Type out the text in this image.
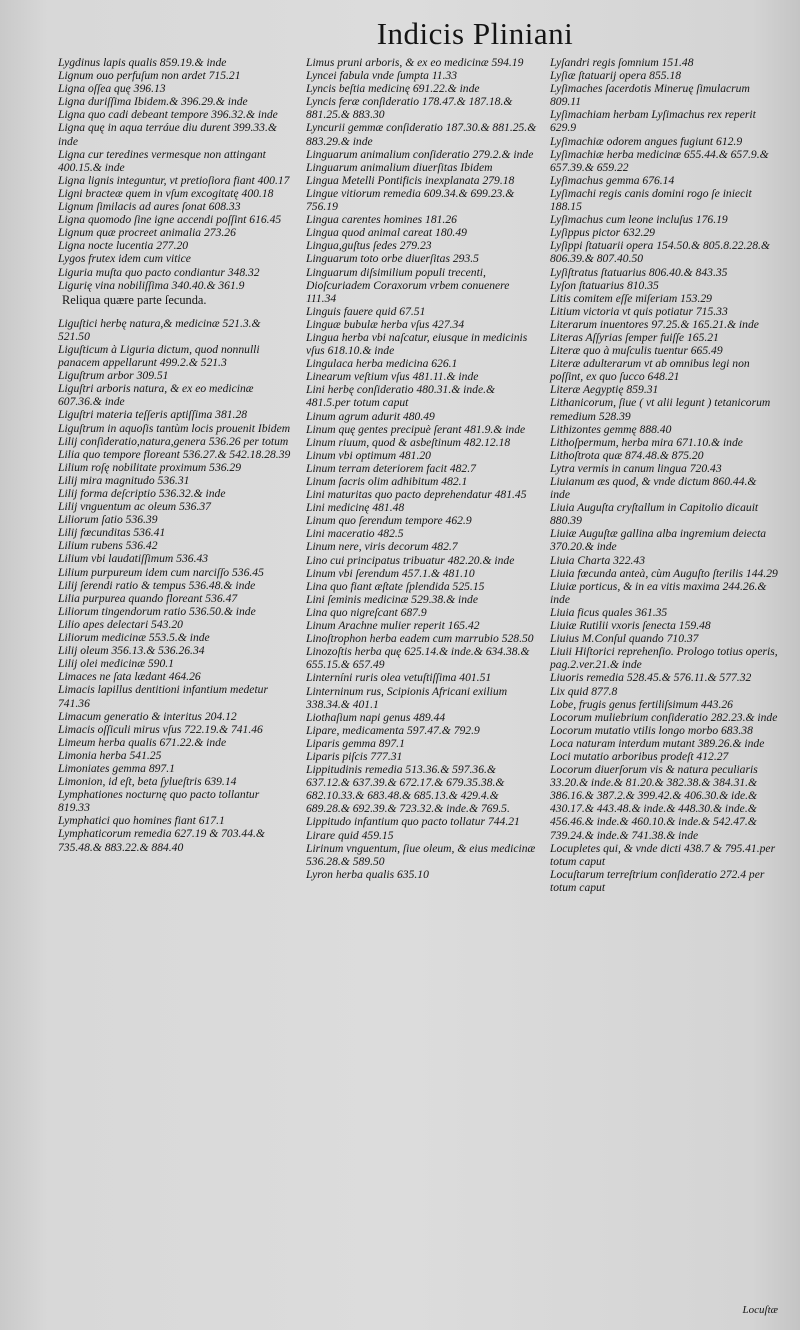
Indicis Pliniani
Lygdinus lapis qualis 859.19.& inde
Lignum ouo perfuſum non ardet 715.21
Ligna oſſea quę 396.13
Ligna duriſſima Ibidem.& 396.29.& inde
Ligna quo cadi debeant tempore 396.32.& inde
Ligna quę in aqua terráue diu durent 399.33.& inde
Ligna cur teredines vermesque non attingant 400.15.& inde
Ligna lignis integuntur, vt pretioſiora fiant 400.17
Ligni bracteæ quem in vſum excogitatę 400.18
Lignum ſimilacis ad aures ſonat 608.33
Ligna quomodo ſine igne accendi poſſint 616.45
Lignum quæ procreet animalia 273.26
Ligna nocte lucentia 277.20
Lygos frutex idem cum vitice
Liguria muſta quo pacto condiantur 348.32
Ligurię vina nobiliſſima 340.40.& 361.9
Reliqua quære parte ſecunda.
Liguſtici herbę natura,& medicinæ 521.3.& 521.50
Liguſticum à Liguria dictum, quod nonnulli panacem appellarunt 499.2.& 521.3
Liguſtrum arbor 309.51
Liguſtri arboris natura, & ex eo medicinæ 607.36.& inde
Liguſtri materia teſſeris aptiſſima 381.28
Liguſtrum in aquoſis tantùm locis prouenit Ibidem
Lilij conſideratio,natura,genera 536.26 per totum
Lilia quo tempore floreant 536.27.& 542.18.28.39
Lilium roſę nobilitate proximum 536.29
Lilij mira magnitudo 536.31
Lilij forma deſcriptio 536.32.& inde
Lilij vnguentum ac oleum 536.37
Liliorum ſatio 536.39
Lilij fœcunditas 536.41
Lilium rubens 536.42
Lilium vbi laudatiſſimum 536.43
Lilium purpureum idem cum narciſſo 536.45
Lilij ſerendi ratio & tempus 536.48.& inde
Lilia purpurea quando floreant 536.47
Liliorum tingendorum ratio 536.50.& inde
Lilio apes delectari 543.20
Liliorum medicinæ 553.5.& inde
Lilij oleum 356.13.& 536.26.34
Lilij olei medicinæ 590.1
Limaces ne ſata lædant 464.26
Limacis lapillus dentitioni infantium medetur 741.36
Limacum generatio & interitus 204.12
Limacis oſſiculi mirus vſus 722.19.& 741.46
Limeum herba qualis 671.22.& inde
Limonia herba 541.25
Limoniates gemma 897.1
Limonion, id eſt, beta ſylueſtris 639.14
Lymphationes nocturnę quo pacto tollantur 819.33
Lymphatici quo homines fiant 617.1
Lymphaticorum remedia 627.19 & 703.44.& 735.48.& 883.22.& 884.40
Limus pruni arboris, & ex eo medicinæ 594.19
Lyncei fabula vnde ſumpta 11.33
Lyncis beſtia medicinę 691.22.& inde
Lyncis feræ conſideratio 178.47.& 187.18.& 881.25.& 883.30
Lyncurii gemmæ conſideratio 187.30.& 881.25.& 883.29.& inde
Linguarum animalium conſideratio 279.2.& inde
Linguarum animalium diuerſitas Ibidem
Lingua Metelli Pontificis inexplanata 279.18
Lingue vitiorum remedia 609.34.& 699.23.& 756.19
Lingua carentes homines 181.26
Lingua quod animal careat 180.49
Lingua,guſtus ſedes 279.23
Linguarum toto orbe diuerſitas 293.5
Linguarum diſsimilium populi trecenti, Dioſcuriadem Coraxorum vrbem conuenere 111.34
Linguis fauere quid 67.51
Linguæ bubulæ herba vſus 427.34
Lingua herba vbi naſcatur, eiusque in medicinis vſus 618.10.& inde
Lingulaca herba medicina 626.1
Linearum veſtium vſus 481.11.& inde
Lini herbę conſideratio 480.31.& inde.& 481.5.per totum caput
Linum agrum adurit 480.49
Linum quę gentes precipuè ſerant 481.9.& inde
Linum riuum, quod & asbeſtinum 482.12.18
Linum vbi optimum 481.20
Linum terram deteriorem facit 482.7
Linum ſacris olim adhibitum 482.1
Lini maturitas quo pacto deprehendatur 481.45
Lini medicinę 481.48
Linum quo ſerendum tempore 462.9
Lini maceratio 482.5
Linum nere, viris decorum 482.7
Lino cui principatus tribuatur 482.20.& inde
Linum vbi ſerendum 457.1.& 481.10
Lina quo fiant æſtate ſplendida 525.15
Lini ſeminis medicinæ 529.38.& inde
Lina quo nigreſcant 687.9
Linum Arachne mulier reperit 165.42
Linoſtrophon herba eadem cum marrubio 528.50
Linozoſtis herba quę 625.14.& inde.& 634.38.& 655.15.& 657.49
Linterníni ruris olea vetuſtiſſima 401.51
Linterninum rus, Scipionis Africani exilium 338.34.& 401.1
Liothaſium napi genus 489.44
Lipare, medicamenta 597.47.& 792.9
Liparis gemma 897.1
Liparis piſcis 777.31
Lippitudinis remedia 513.36.& 597.36.& 637.12.& 637.39.& 672.17.& 679.35.38.& 682.10.33.& 683.48.& 685.13.& 429.4.& 689.28.& 692.39.& 723.32.& inde.& 769.5.
Lippitudo infantium quo pacto tollatur 744.21
Lirare quid 459.15
Lirinum vnguentum, ſiue oleum, & eius medicinæ 536.28.& 589.50
Lyron herba qualis 635.10
Lyſandri regis ſomnium 151.48
Lyſiæ ſtatuarij opera 855.18
Lyſimaches ſacerdotis Mineruę ſimulacrum 809.11
Lyſimachiam herbam Lyſimachus rex reperit 629.9
Lyſimachiæ odorem angues fugiunt 612.9
Lyſimachiæ herba medicinæ 655.44.& 657.9.& 657.39.& 659.22
Lyſimachus gemma 676.14
Lyſimachi regis canis domini rogo ſe iniecit 188.15
Lyſimachus cum leone incluſus 176.19
Lyſippus pictor 632.29
Lyſippi ſtatuarii opera 154.50.& 805.8.22.28.& 806.39.& 807.40.50
Lyſiſtratus ſtatuarius 806.40.& 843.35
Lyſon ſtatuarius 810.35
Litis comitem eſſe miſeriam 153.29
Litium victoria vt quis potiatur 715.33
Literarum inuentores 97.25.& 165.21.& inde
Literas Aſſyrias ſemper fuiſſe 165.21
Literæ quo à muſculis tuentur 665.49
Literæ adulterarum vt ab omnibus legi non poſſint, ex quo ſucco 648.21
Literæ Aegyptię 859.31
Lithanicorum, ſiue ( vt alii legunt ) tetanicorum remedium 528.39
Lithizontes gemmę 888.40
Lithoſpermum, herba mira 671.10.& inde
Lithoſtrota quæ 874.48.& 875.20
Lytra vermis in canum lingua 720.43
Liuianum æs quod, & vnde dictum 860.44.& inde
Liuia Auguſta cryſtallum in Capitolio dicauit 880.39
Liuiæ Auguſtæ gallina alba ingremium deiecta 370.20.& inde
Liuia Charta 322.43
Liuia fœcunda anteà, cùm Auguſto ſterilis 144.29
Liuiæ porticus, & in ea vitis maxima 244.26.& inde
Liuia ficus quales 361.35
Liuiæ Rutilii vxoris ſenecta 159.48
Liuius M.Conſul quando 710.37
Liuii Hiſtorici reprehenſio. Prologo totius operis, pag.2.ver.21.& inde
Liuoris remedia 528.45.& 576.11.& 577.32
Lix quid 877.8
Lobe, frugis genus fertiliſsimum 443.26
Locorum muliebrium conſideratio 282.23.& inde
Locorum mutatio vtilis longo morbo 683.38
Loca naturam interdum mutant 389.26.& inde
Loci mutatio arboribus prodeſt 412.27
Locorum diuerſorum vis & natura peculiaris 33.20.& inde.& 81.20.& 382.38.& 384.31.& 386.16.& 387.2.& 399.42.& 406.30.& ide.& 430.17.& 443.48.& inde.& 448.30.& inde.& 456.46.& inde.& 460.10.& inde.& 542.47.& 739.24.& inde.& 741.38.& inde
Locupletes qui, & vnde dicti 438.7 & 795.41.per totum caput
Locuſtarum terreſtrium conſideratio 272.4 per totum caput
Locuſtæ
